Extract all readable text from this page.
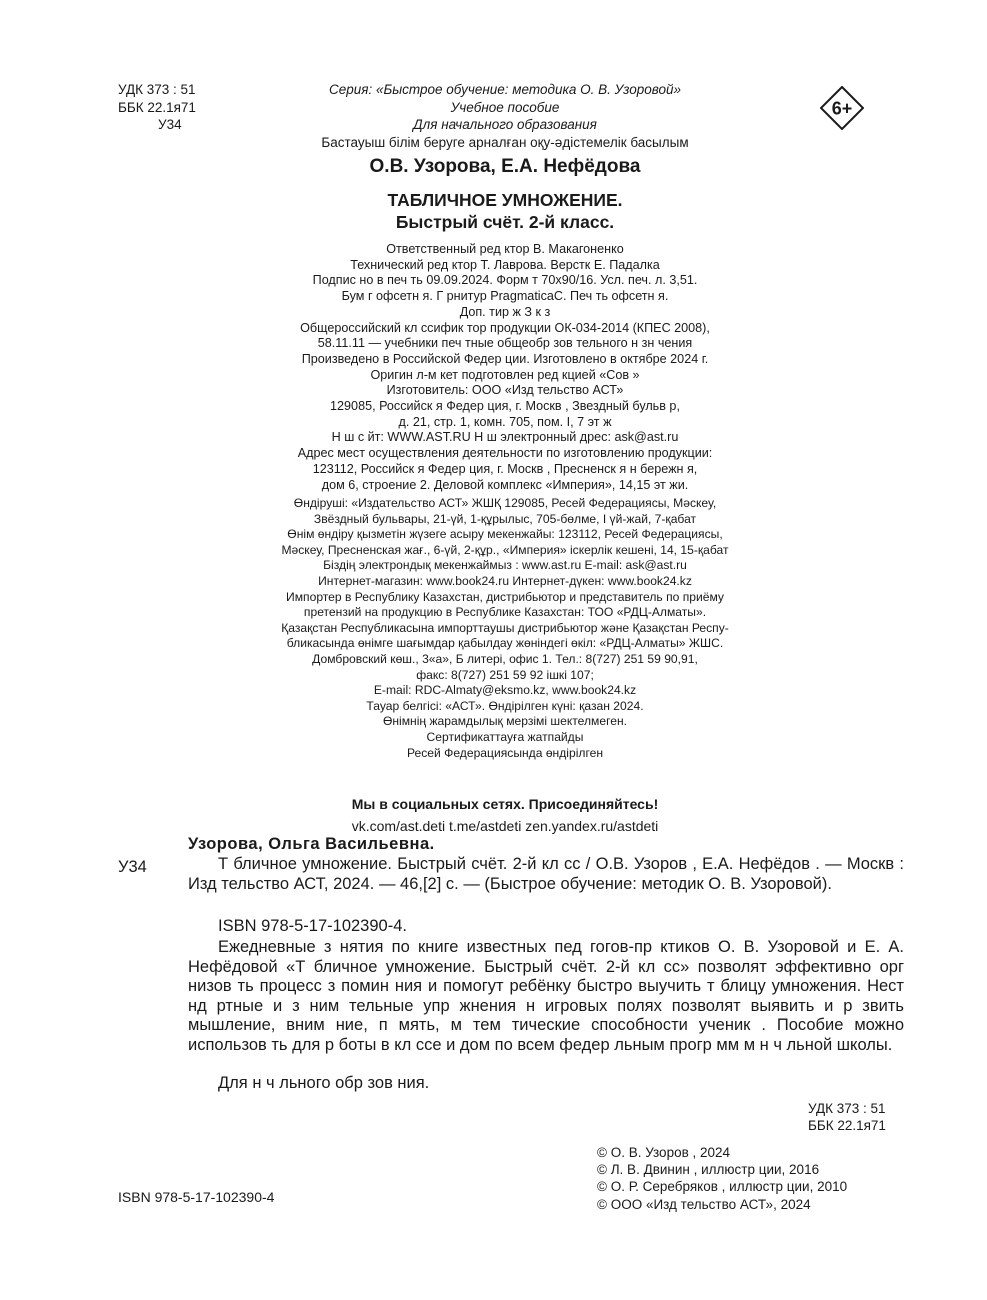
УДК 373 : 51
ББК 22.1я71
У34
Серия: «Быстрое обучение: методика О. В. Узоровой»
Учебное пособие
Для начального образования
Бастауыш білім беруге арналған оқу-әдістемелік басылым
6+
О.В. Узорова, Е.А. Нефёдова
ТАБЛИЧНОЕ УМНОЖЕНИЕ.
Быстрый счёт. 2-й класс.
Ответственный ред ктор В. Макагоненко
Технический ред ктор Т. Лаврова. Верстк Е. Падалка
Подпис но в печ ть 09.09.2024. Форм т 70x90/16. Усл. печ. л. 3,51.
Бум г офсетн я. Г рнитур PragmaticaC. Печ ть офсетн я.
Доп. тир ж З к з
Общероссийский кл ссифик тор продукции ОК-034-2014 (КПЕС 2008),
58.11.11 — учебники печ тные общеобр зов тельного н зн чения
Произведено в Российской Федер ции. Изготовлено в октябре 2024 г.
Оригин л-м кет подготовлен ред кцией «Сов »
Изготовитель: ООО «Изд тельство АСТ»
129085, Российск я Федер ция, г. Москв , Звездный бульв р,
д. 21, стр. 1, комн. 705, пом. I, 7 эт ж
Н ш с йт: WWW.AST.RU Н ш электронный дрес: ask@ast.ru
Адрес мест осуществления деятельности по изготовлению продукции:
123112, Российск я Федер ция, г. Москв , Пресненск я н бережн я,
дом 6, строение 2. Деловой комплекс «Империя», 14,15 эт жи.
Өндіруші: «Издательство АСТ» ЖШҚ 129085, Ресей Федерациясы, Мәскеу,
Звёздный бульвары, 21-үй, 1-құрылыс, 705-бөлме, I үй-жай, 7-қабат
Өнім өндіру қызметін жүзеге асыру мекенжайы: 123112, Ресей Федерациясы,
Мәскеу, Пресненская жағ., 6-үй, 2-құр., «Империя» іскерлік кешені, 14, 15-қабат
Біздің электрондық мекенжаймыз : www.ast.ru E-mail: ask@ast.ru
Интернет-магазин: www.book24.ru Интернет-дүкен: www.book24.kz
Импортер в Республику Казахстан, дистрибьютор и представитель по приёму
претензий на продукцию в Республике Казахстан: ТОО «РДЦ-Алматы».
Қазақстан Республикасына импорттаушы дистрибьютор және Қазақстан Респу-
бликасында өнімге шағымдар қабылдау жөніндегі өкіл: «РДЦ-Алматы» ЖШС.
Домбровский көш., 3«а», Б литері, офис 1. Тел.: 8(727) 251 59 90,91,
факс: 8(727) 251 59 92 ішкі 107;
E-mail: RDC-Almaty@eksmo.kz, www.book24.kz
Тауар белгісі: «АСТ». Өндірілген күні: қазан 2024.
Өнімнің жарамдылық мерзімі шектелмеген.
Сертификаттауға жатпайды
Ресей Федерациясында өндірілген
Мы в социальных сетях. Присоединяйтесь!
vk.com/ast.deti t.me/astdeti zen.yandex.ru/astdeti
Узорова, Ольга Васильевна.
У34	Т бличное умножение. Быстрый счёт. 2-й кл сс / О.В. Узоров , Е.А. Нефёдов . — Москв : Изд тельство АСТ, 2024. — 46,[2] с. — (Быстрое обучение: методик О. В. Узоровой).
ISBN 978-5-17-102390-4.
Ежедневные з нятия по книге известных пед гогов-пр ктиков О. В. Узоровой и Е. А. Нефёдовой «Т бличное умножение. Быстрый счёт. 2-й кл сс» позволят эффективно орг низов ть процесс з помин ния и помогут ребёнку быстро выучить т блицу умножения. Нест нд ртные и з ним тельные упр жнения н игровых полях позволят выявить и р звить мышление, вним ние, п мять, м тем тические способности ученик . Пособие можно использов ть для р боты в кл ссе и дом по всем федер льным прогр мм м н ч льной школы.
Для н ч льного обр зов ния.
УДК 373 : 51
ББК 22.1я71
© О. В. Узоров , 2024
© Л. В. Двинин , иллюстр ции, 2016
© О. Р. Серебряков , иллюстр ции, 2010
© ООО «Изд тельство АСТ», 2024
ISBN 978-5-17-102390-4
